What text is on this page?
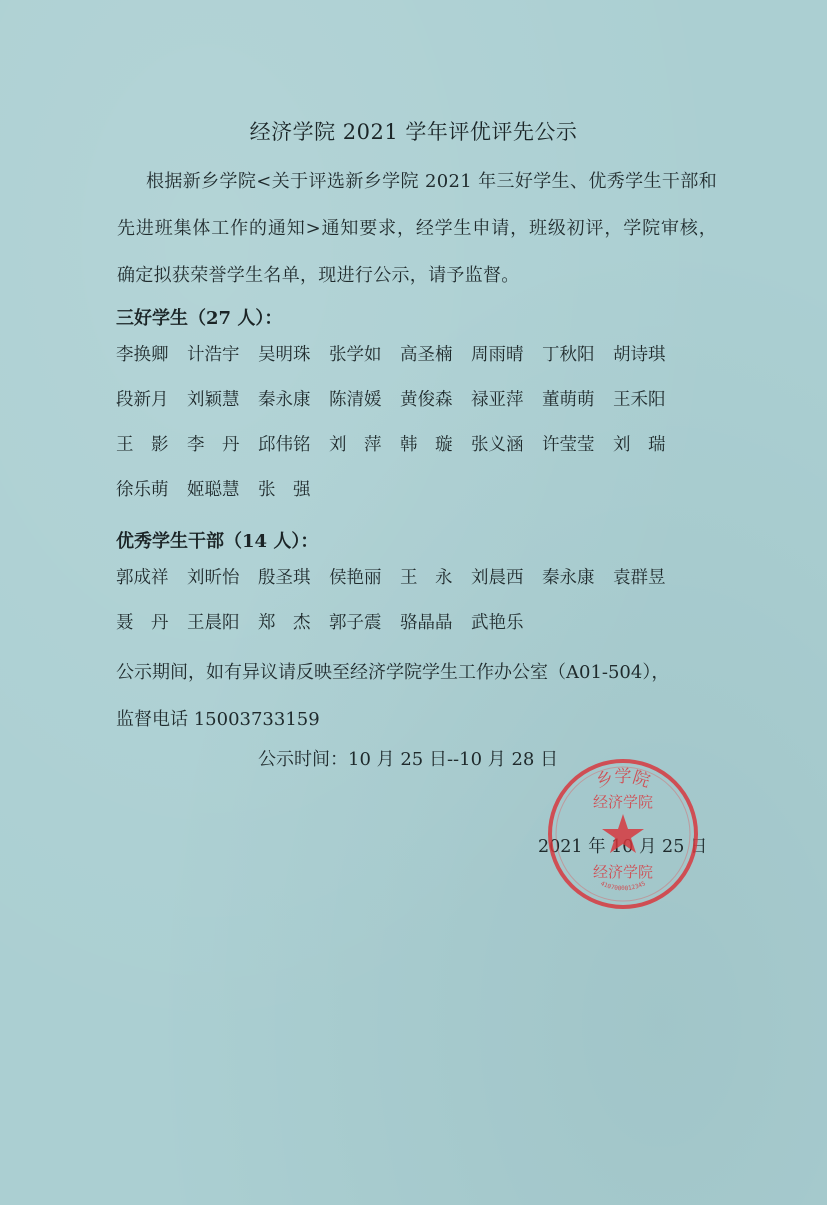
经济学院 2021 学年评优评先公示
根据新乡学院<关于评选新乡学院 2021 年三好学生、优秀学生干部和先进班集体工作的通知>通知要求，经学生申请，班级初评，学院审核，确定拟获荣誉学生名单，现进行公示，请予监督。
三好学生（27 人）：
李换卿	计浩宇	吴明珠	张学如	高圣楠	周雨晴	丁秋阳	胡诗琪
段新月	刘颖慧	秦永康	陈清媛	黄俊森	禄亚萍	董萌萌	王禾阳
王　影	李　丹	邱伟铭	刘　萍	韩　璇	张义涵	许莹莹	刘　瑞
徐乐萌	姬聪慧	张　强
优秀学生干部（14 人）：
郭成祥	刘昕怡	殷圣琪	侯艳丽	王　永	刘晨西	秦永康	袁群昱
聂　丹	王晨阳	郑　杰	郭子震	骆晶晶	武艳乐
公示期间，如有异议请反映至经济学院学生工作办公室（A01-504），
监督电话 15003733159
公示时间：10 月 25 日--10 月 28 日
2021 年 10 月 25 日
乡学院
经济学院
经济学院
4107000012345
